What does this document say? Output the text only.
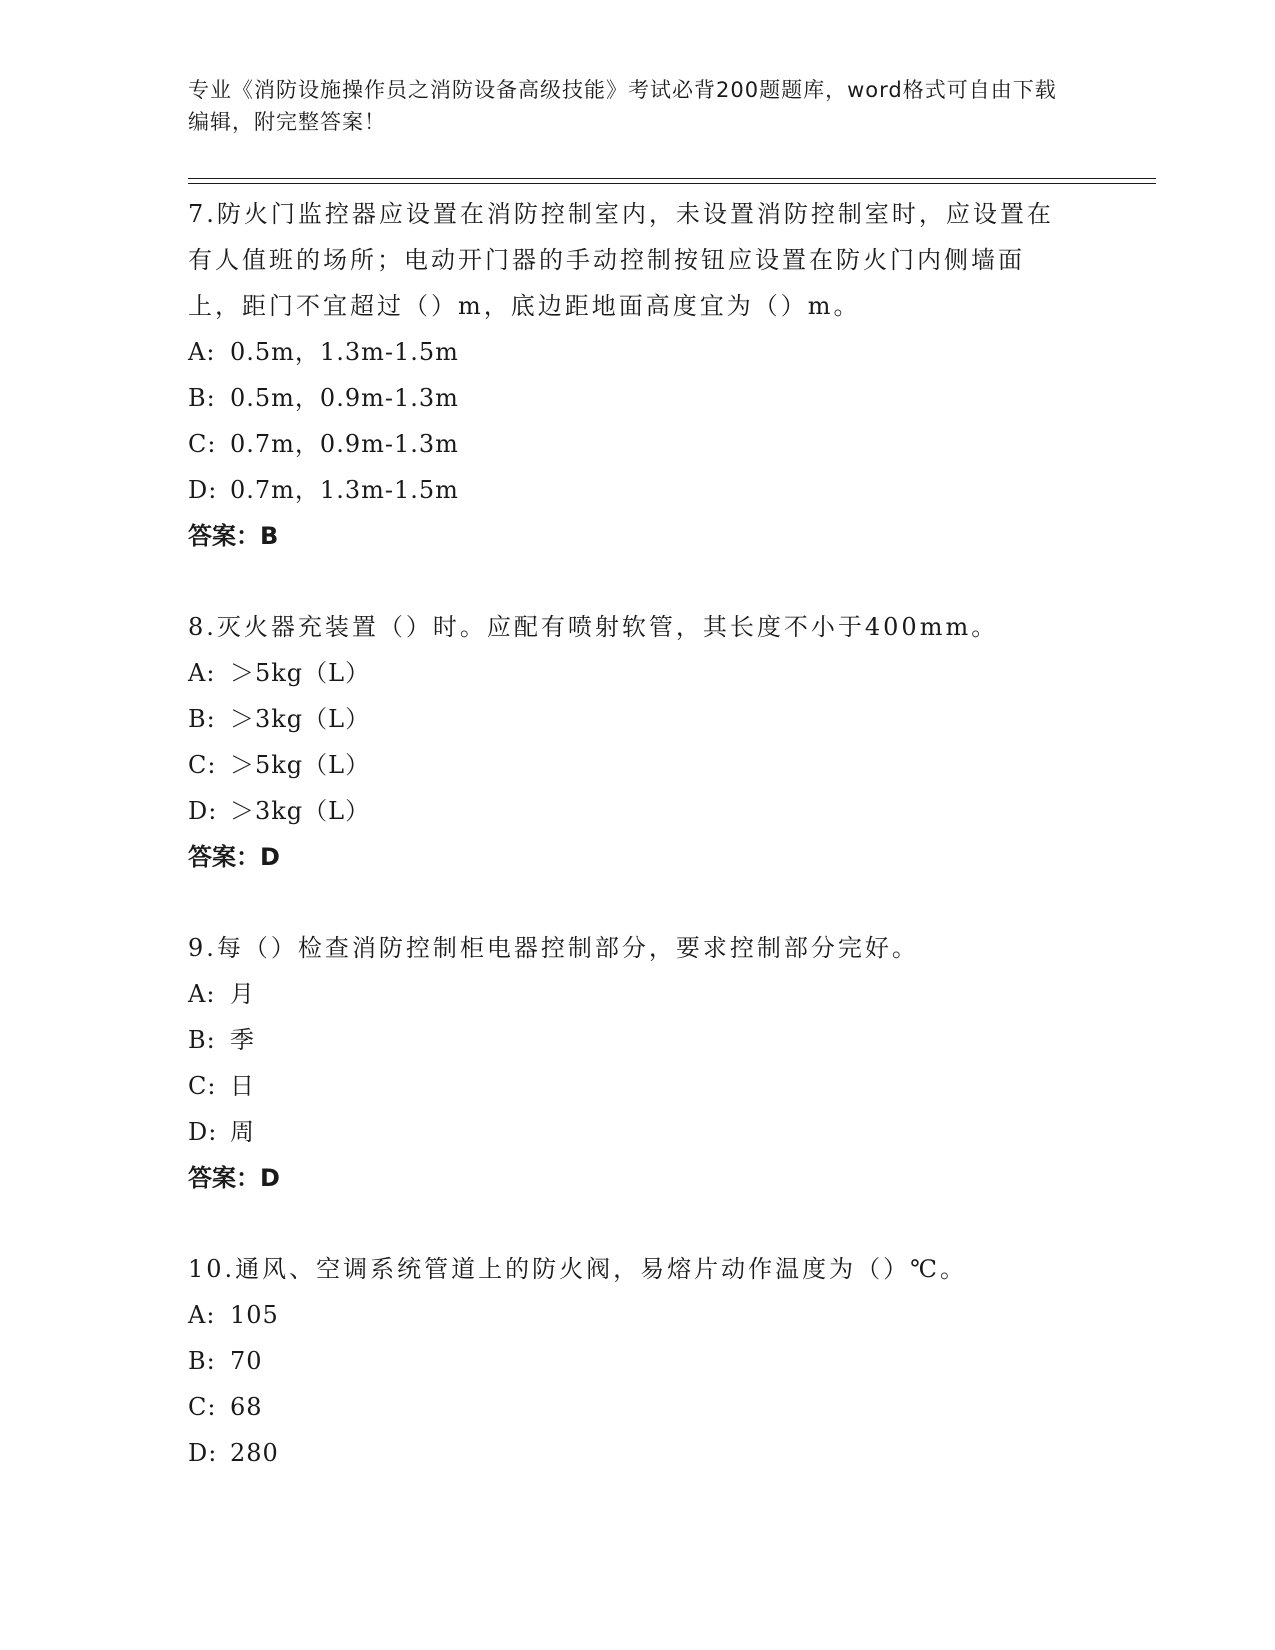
专业《消防设施操作员之消防设备高级技能》考试必背200题题库，word格式可自由下载编辑，附完整答案！

7.防火门监控器应设置在消防控制室内，未设置消防控制室时，应设置在有人值班的场所；电动开门器的手动控制按钮应设置在防火门内侧墙面上，距门不宜超过（）m，底边距地面高度宜为（）m。

A: 0.5m，1.3m-1.5m
B: 0.5m，0.9m-1.3m
C: 0.7m，0.9m-1.3m
D: 0.7m，1.3m-1.5m
答案： B

8.灭火器充装置（）时。应配有喷射软管，其长度不小于400mm。

A: ＞5kg（L）
B: ＞3kg（L）
C: ＞5kg（L）
D: ＞3kg（L）
答案： D

9.每（）检查消防控制柜电器控制部分，要求控制部分完好。

A: 月
B: 季
C: 日
D: 周
答案： D

10.通风、空调系统管道上的防火阀，易熔片动作温度为（）℃。

A: 105
B: 70
C: 68
D: 280
